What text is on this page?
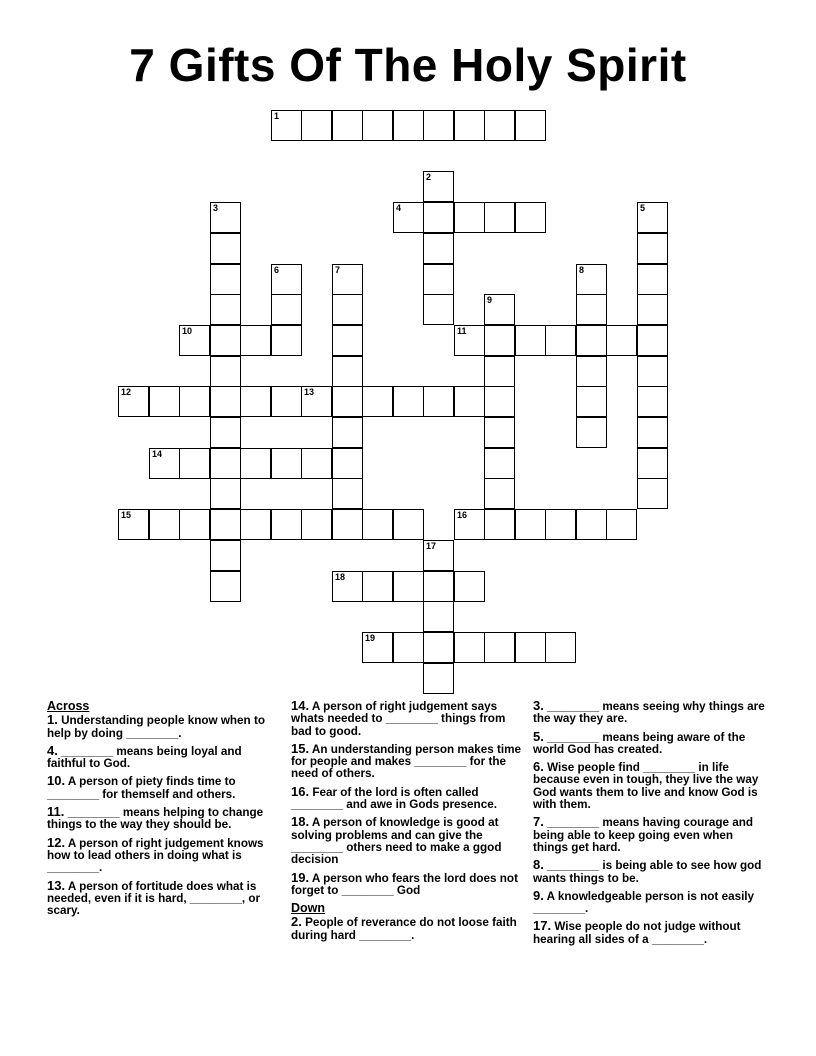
7 Gifts Of The Holy Spirit
1
2
3	4	5
6	7	8
9
10	11
12	13
14
15	16
17
18
19
Across
1. Understanding people know when to help by doing ________.
4. ________ means being loyal and faithful to God.
10. A person of piety finds time to ________ for themself and others.
11. ________ means helping to change things to the way they should be.
12. A person of right judgement knows how to lead others in doing what is ________.
13. A person of fortitude does what is needed, even if it is hard, ________, or scary.
14. A person of right judgement says whats needed to ________ things from bad to good.
15. An understanding person makes time for people and makes ________ for the need of others.
16. Fear of the lord is often called ________ and awe in Gods presence.
18. A person of knowledge is good at solving problems and can give the ________ others need to make a ggod decision
19. A person who fears the lord does not forget to ________ God
Down
2. People of reverance do not loose faith during hard ________.
3. ________ means seeing why things are the way they are.
5. ________ means being aware of the world God has created.
6. Wise people find ________ in life because even in tough, they live the way God wants them to live and know God is with them.
7. ________ means having courage and being able to keep going even when things get hard.
8. ________ is being able to see how god wants things to be.
9. A knowledgeable person is not easily ________.
17. Wise people do not judge without hearing all sides of a ________.
